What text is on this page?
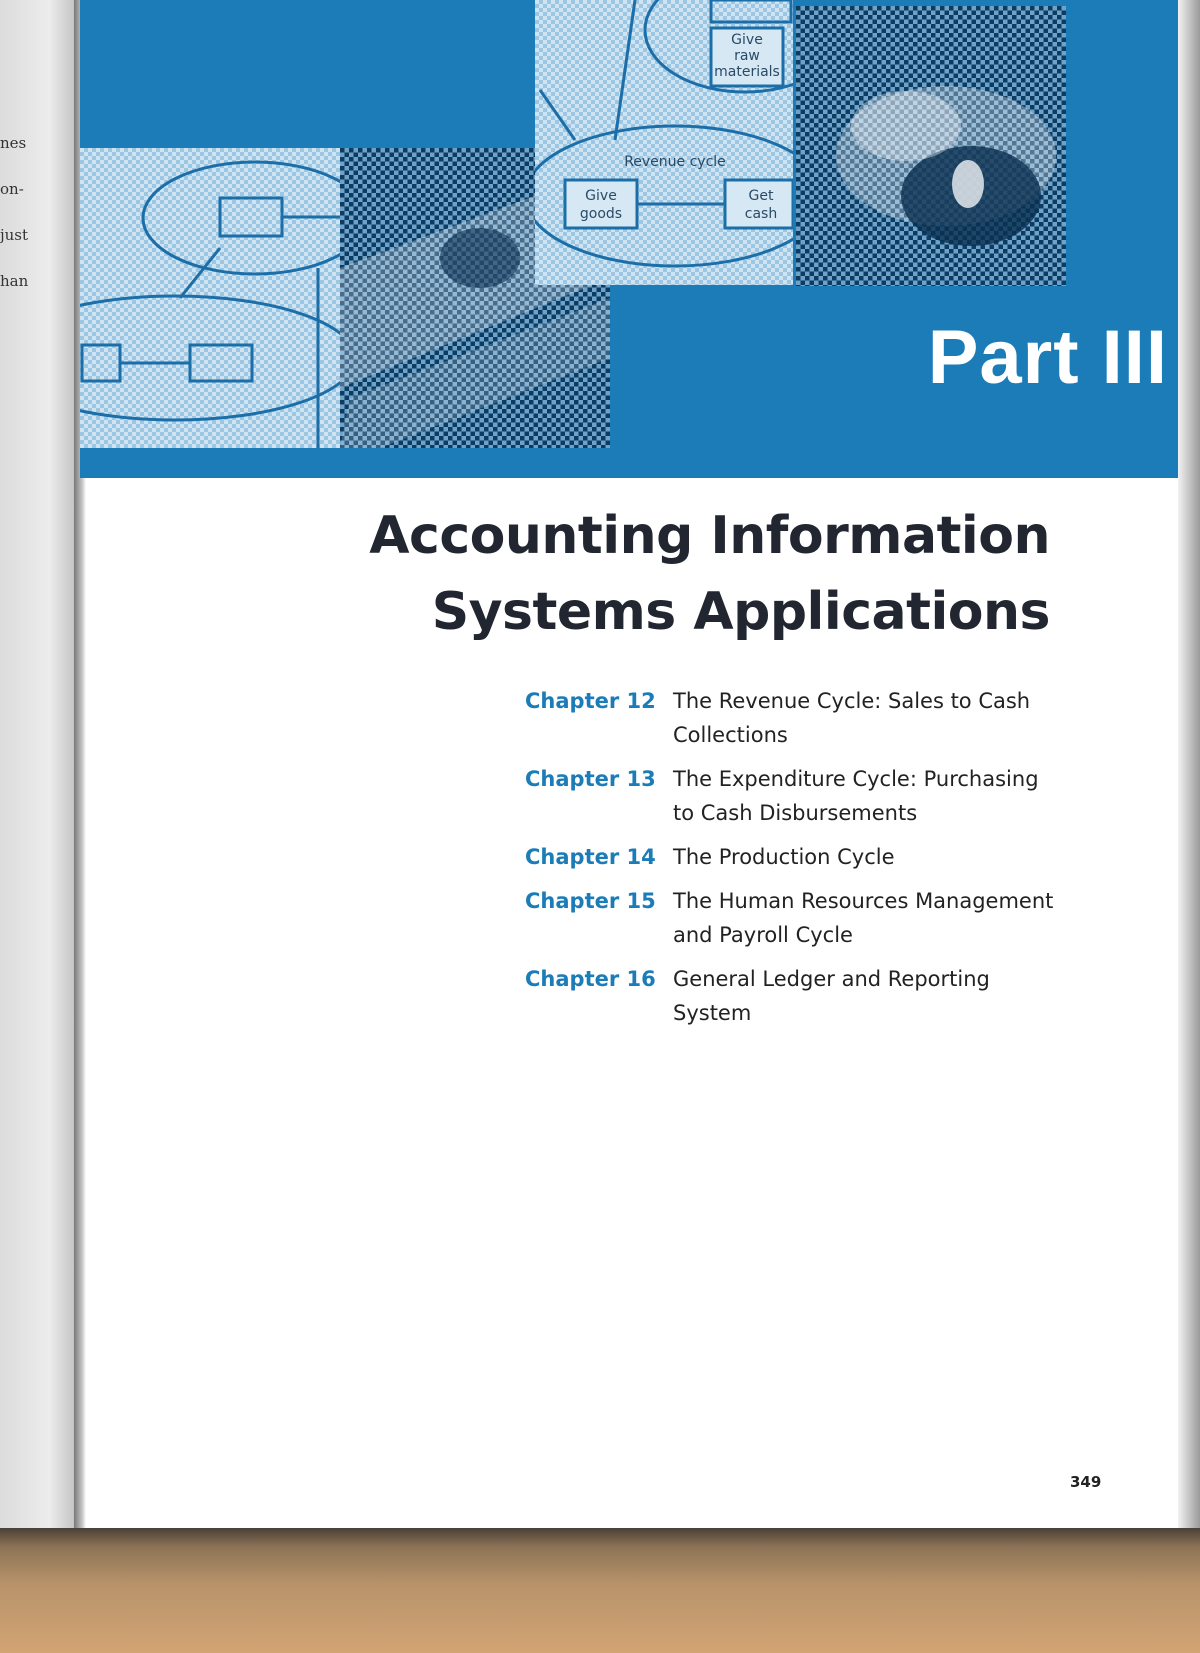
nes
on-
just
han
Give
raw
materials
Revenue cycle
Give
goods
Get
cash
Part III
Accounting Information
Systems Applications
Chapter 12 The Revenue Cycle: Sales to Cash Collections
Chapter 13 The Expenditure Cycle: Purchasing to Cash Disbursements
Chapter 14 The Production Cycle
Chapter 15 The Human Resources Management and Payroll Cycle
Chapter 16 General Ledger and Reporting System
349
